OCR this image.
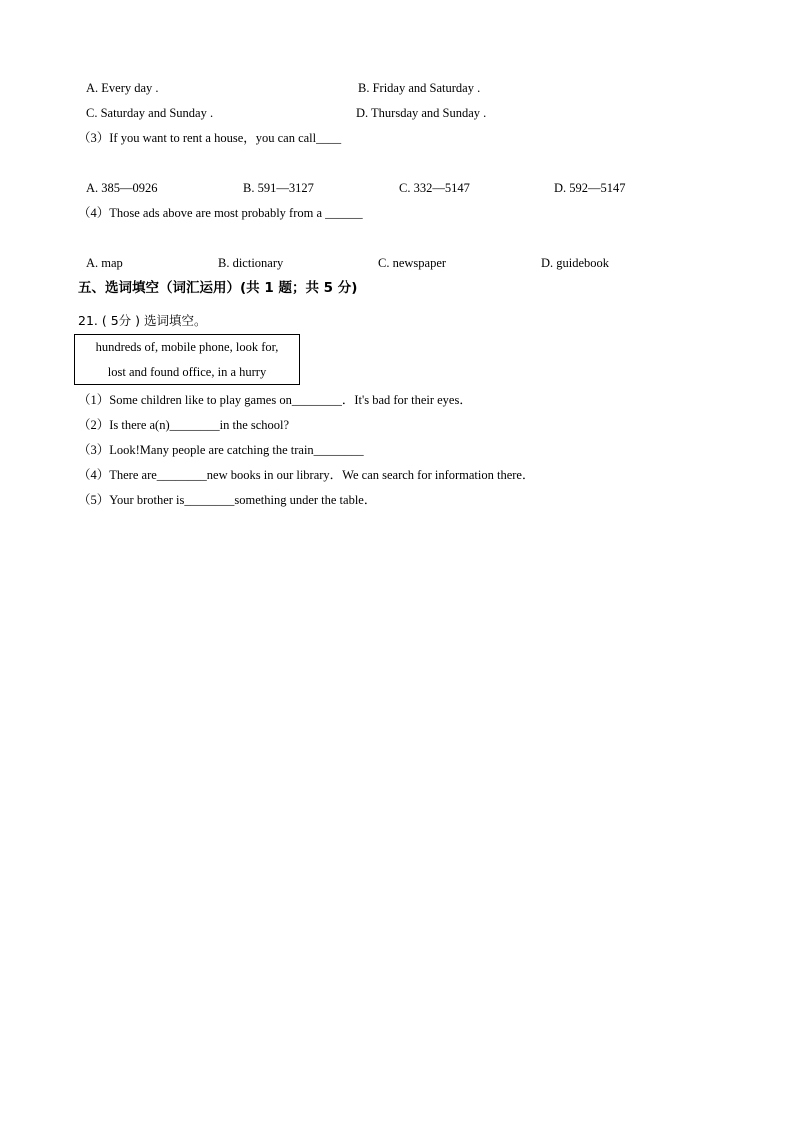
A. Every day .	B. Friday and Saturday .
C. Saturday and Sunday .	D. Thursday and Sunday .
（3）If you want to rent a house，you can call____
A. 385—0926	B. 591—3127	C. 332—5147	D. 592—5147
（4）Those ads above are most probably from a ______
A. map	B. dictionary	C. newspaper	D. guidebook
五、选词填空（词汇运用）(共 1 题；共 5 分)
21. ( 5分 ) 选词填空。
hundreds of, mobile phone, look for,
lost and found office, in a hurry
（1）Some children like to play games on________．It's bad for their eyes．
（2）Is there a(n)________in the school?
（3）Look!Many people are catching the train________
（4）There are________new books in our library．We can search for information there．
（5）Your brother is________something under the table．
